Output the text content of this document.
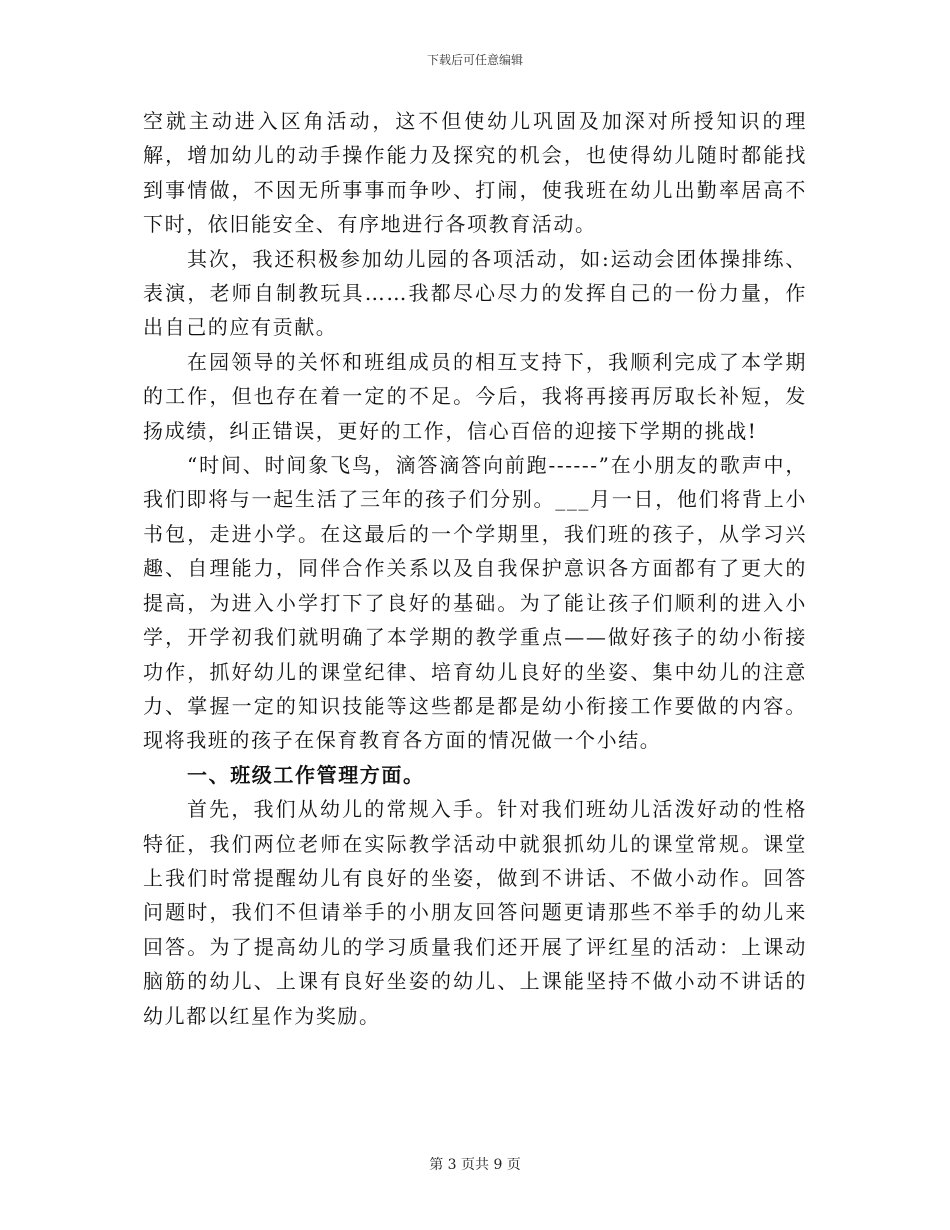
下载后可任意编辑

空就主动进入区角活动，这不但使幼儿巩固及加深对所授知识的理解，增加幼儿的动手操作能力及探究的机会，也使得幼儿随时都能找到事情做，不因无所事事而争吵、打闹，使我班在幼儿出勤率居高不下时，依旧能安全、有序地进行各项教育活动。

其次，我还积极参加幼儿园的各项活动，如:运动会团体操排练、表演，老师自制教玩具……我都尽心尽力的发挥自己的一份力量，作出自己的应有贡献。

在园领导的关怀和班组成员的相互支持下，我顺利完成了本学期的工作，但也存在着一定的不足。今后，我将再接再厉取长补短，发扬成绩，纠正错误，更好的工作，信心百倍的迎接下学期的挑战!

“时间、时间象飞鸟，滴答滴答向前跑------”在小朋友的歌声中，我们即将与一起生活了三年的孩子们分别。___月一日，他们将背上小书包，走进小学。在这最后的一个学期里，我们班的孩子，从学习兴趣、自理能力，同伴合作关系以及自我保护意识各方面都有了更大的提高，为进入小学打下了良好的基础。为了能让孩子们顺利的进入小学，开学初我们就明确了本学期的教学重点——做好孩子的幼小衔接功作，抓好幼儿的课堂纪律、培育幼儿良好的坐姿、集中幼儿的注意力、掌握一定的知识技能等这些都是都是幼小衔接工作要做的内容。现将我班的孩子在保育教育各方面的情况做一个小结。

一、班级工作管理方面。

首先，我们从幼儿的常规入手。针对我们班幼儿活泼好动的性格特征，我们两位老师在实际教学活动中就狠抓幼儿的课堂常规。课堂上我们时常提醒幼儿有良好的坐姿，做到不讲话、不做小动作。回答问题时，我们不但请举手的小朋友回答问题更请那些不举手的幼儿来回答。为了提高幼儿的学习质量我们还开展了评红星的活动：上课动脑筋的幼儿、上课有良好坐姿的幼儿、上课能坚持不做小动不讲话的幼儿都以红星作为奖励。

第 3 页共 9 页
